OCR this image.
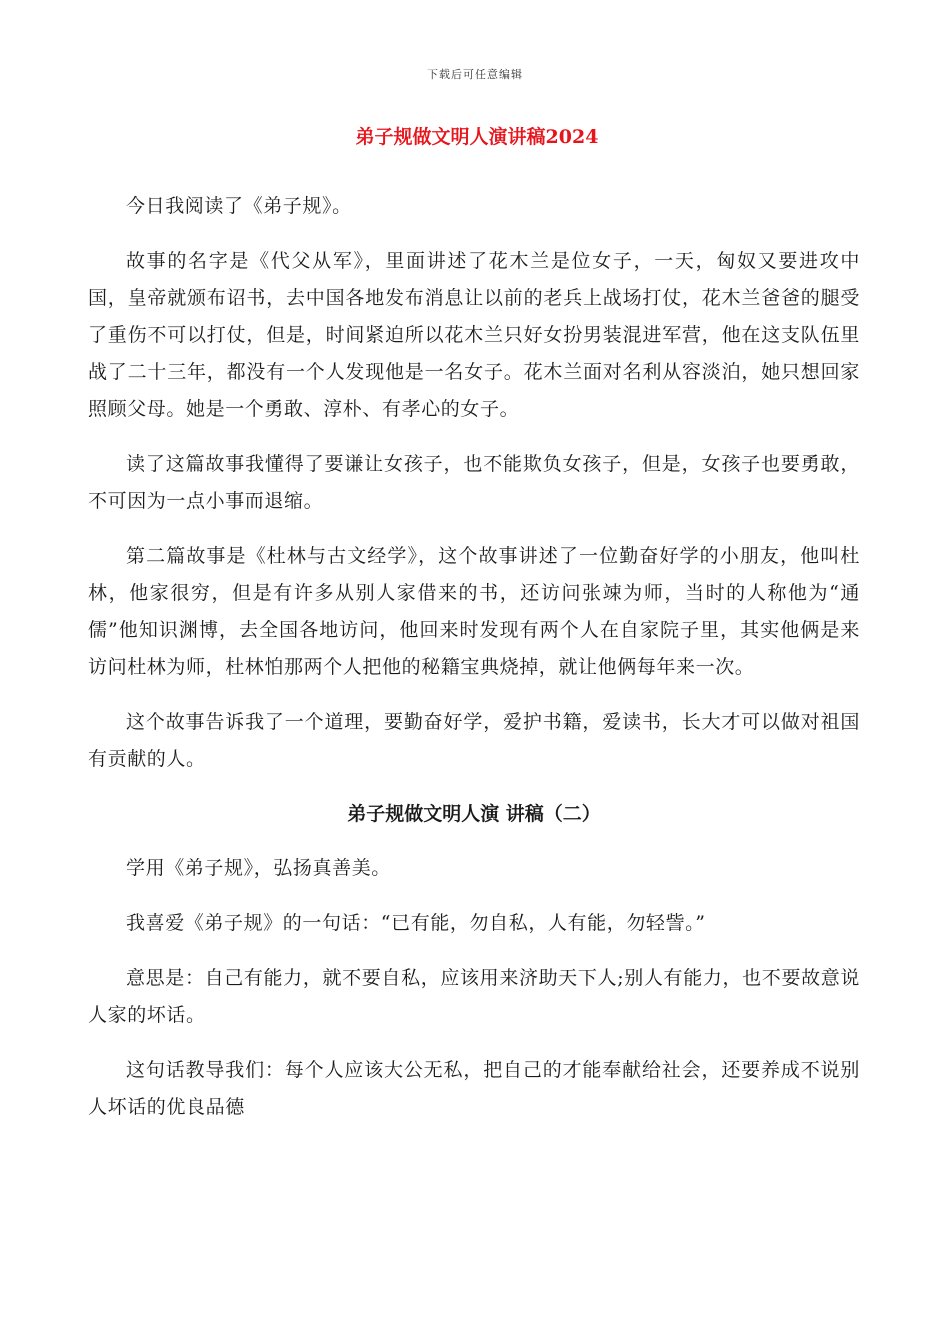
下载后可任意编辑
弟子规做文明人演讲稿2024

今日我阅读了《弟子规》。

故事的名字是《代父从军》，里面讲述了花木兰是位女子，一天，匈奴又要进攻中国，皇帝就颁布诏书，去中国各地发布消息让以前的老兵上战场打仗，花木兰爸爸的腿受了重伤不可以打仗，但是，时间紧迫所以花木兰只好女扮男装混进军营，他在这支队伍里战了二十三年，都没有一个人发现他是一名女子。花木兰面对名利从容淡泊，她只想回家照顾父母。她是一个勇敢、淳朴、有孝心的女子。

读了这篇故事我懂得了要谦让女孩子，也不能欺负女孩子，但是，女孩子也要勇敢，不可因为一点小事而退缩。

第二篇故事是《杜林与古文经学》，这个故事讲述了一位勤奋好学的小朋友，他叫杜林，他家很穷，但是有许多从别人家借来的书，还访问张竦为师，当时的人称他为“通儒”他知识渊博，去全国各地访问，他回来时发现有两个人在自家院子里，其实他俩是来访问杜林为师，杜林怕那两个人把他的秘籍宝典烧掉，就让他俩每年来一次。

这个故事告诉我了一个道理，要勤奋好学，爱护书籍，爱读书，长大才可以做对祖国有贡献的人。

弟子规做文明人演 讲稿（二）

学用《弟子规》，弘扬真善美。

我喜爱《弟子规》的一句话：“已有能，勿自私，人有能，勿轻訾。”

意思是：自己有能力，就不要自私，应该用来济助天下人;别人有能力，也不要故意说人家的坏话。

这句话教导我们：每个人应该大公无私，把自己的才能奉献给社会，还要养成不说别人坏话的优良品德
